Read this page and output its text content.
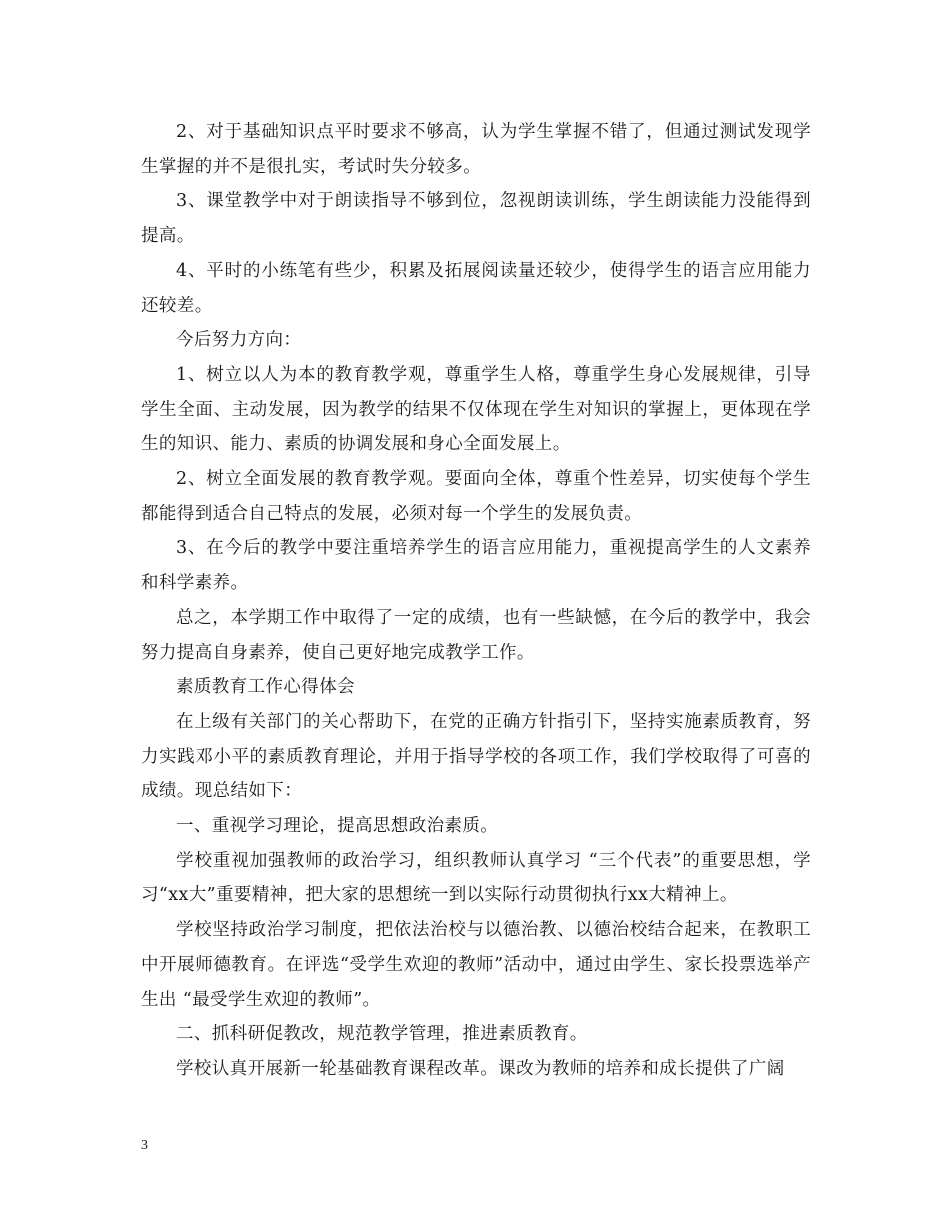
2、对于基础知识点平时要求不够高，认为学生掌握不错了，但通过测试发现学生掌握的并不是很扎实，考试时失分较多。

3、课堂教学中对于朗读指导不够到位，忽视朗读训练，学生朗读能力没能得到提高。

4、平时的小练笔有些少，积累及拓展阅读量还较少，使得学生的语言应用能力还较差。

今后努力方向：

1、树立以人为本的教育教学观，尊重学生人格，尊重学生身心发展规律，引导学生全面、主动发展，因为教学的结果不仅体现在学生对知识的掌握上，更体现在学生的知识、能力、素质的协调发展和身心全面发展上。

2、树立全面发展的教育教学观。要面向全体，尊重个性差异，切实使每个学生都能得到适合自己特点的发展，必须对每一个学生的发展负责。

3、在今后的教学中要注重培养学生的语言应用能力，重视提高学生的人文素养和科学素养。

总之，本学期工作中取得了一定的成绩，也有一些缺憾，在今后的教学中，我会努力提高自身素养，使自己更好地完成教学工作。

素质教育工作心得体会

在上级有关部门的关心帮助下，在党的正确方针指引下，坚持实施素质教育，努力实践邓小平的素质教育理论，并用于指导学校的各项工作，我们学校取得了可喜的成绩。现总结如下：

一、重视学习理论，提高思想政治素质。

学校重视加强教师的政治学习，组织教师认真学习 “三个代表”的重要思想，学习“xx大”重要精神，把大家的思想统一到以实际行动贯彻执行xx大精神上。

学校坚持政治学习制度，把依法治校与以德治教、以德治校结合起来，在教职工中开展师德教育。在评选“受学生欢迎的教师”活动中，通过由学生、家长投票选举产生出 “最受学生欢迎的教师”。

二、抓科研促教改，规范教学管理，推进素质教育。

学校认真开展新一轮基础教育课程改革。课改为教师的培养和成长提供了广阔

3
